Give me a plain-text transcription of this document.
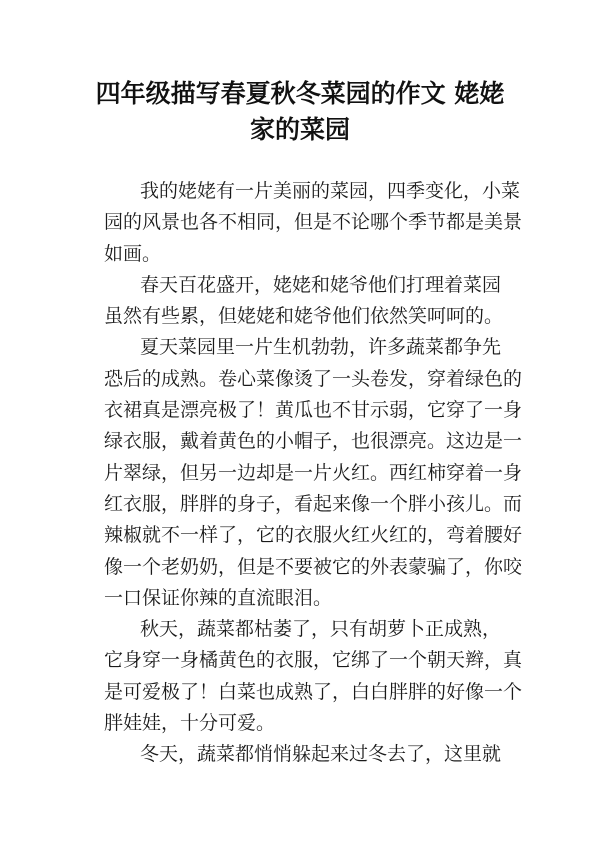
四年级描写春夏秋冬菜园的作文 姥姥
家的菜园

我的姥姥有一片美丽的菜园，四季变化，小菜
园的风景也各不相同，但是不论哪个季节都是美景
如画。

春天百花盛开，姥姥和姥爷他们打理着菜园
虽然有些累，但姥姥和姥爷他们依然笑呵呵的。

夏天菜园里一片生机勃勃，许多蔬菜都争先
恐后的成熟。卷心菜像烫了一头卷发，穿着绿色的
衣裙真是漂亮极了！黄瓜也不甘示弱，它穿了一身
绿衣服，戴着黄色的小帽子，也很漂亮。这边是一
片翠绿，但另一边却是一片火红。西红柿穿着一身
红衣服，胖胖的身子，看起来像一个胖小孩儿。而
辣椒就不一样了，它的衣服火红火红的，弯着腰好
像一个老奶奶，但是不要被它的外表蒙骗了，你咬
一口保证你辣的直流眼泪。

秋天，蔬菜都枯萎了，只有胡萝卜正成熟，
它身穿一身橘黄色的衣服，它绑了一个朝天辫，真
是可爱极了！白菜也成熟了，白白胖胖的好像一个
胖娃娃，十分可爱。

冬天，蔬菜都悄悄躲起来过冬去了，这里就
